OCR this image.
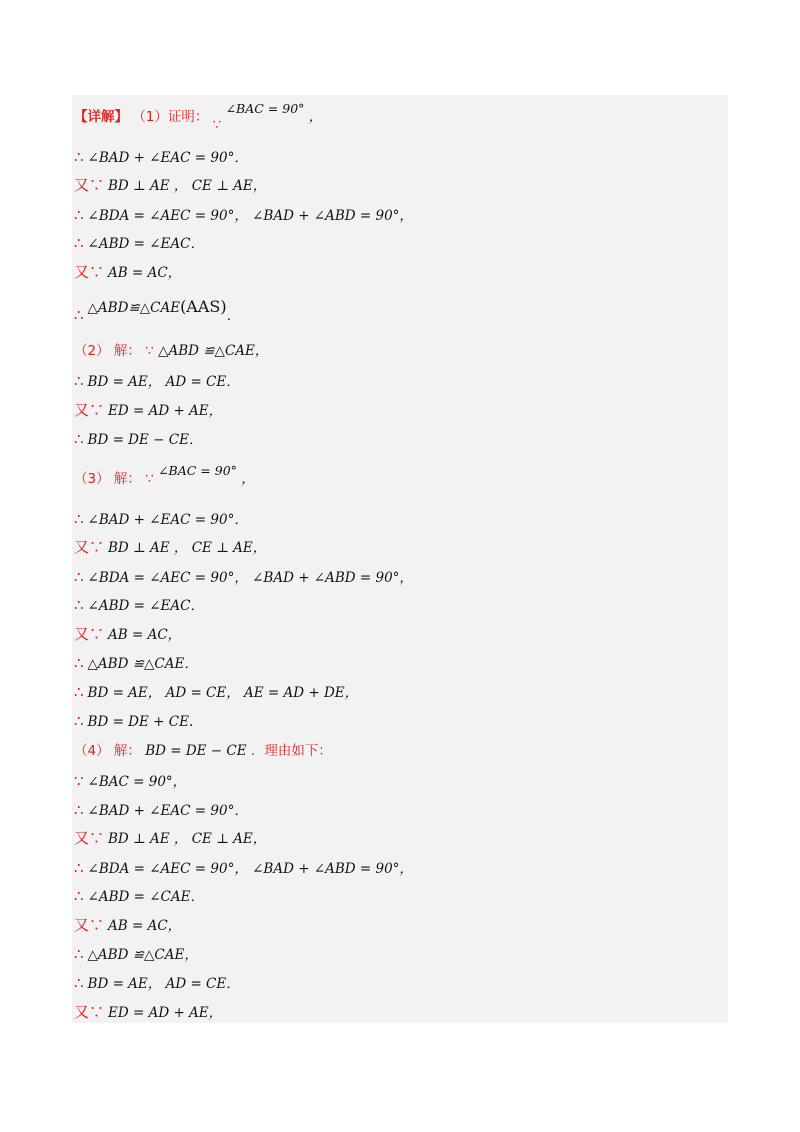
【详解】 （1）证明： ∵ ∠BAC = 90° ，
∴ ∠BAD + ∠EAC = 90°．
又∵ BD ⊥ AE ， CE ⊥ AE，
∴ ∠BDA = ∠AEC = 90°， ∠BAD + ∠ABD = 90°，
∴ ∠ABD = ∠EAC．
又∵ AB = AC，
∴ △ABD≌△CAE(AAS)．
（2） 解： ∵ △ABD ≌△CAE，
∴ BD = AE， AD = CE．
又∵ ED = AD + AE，
∴ BD = DE − CE．
（3） 解： ∵ ∠BAC = 90° ，
∴ ∠BAD + ∠EAC = 90°．
又∵ BD ⊥ AE ， CE ⊥ AE，
∴ ∠BDA = ∠AEC = 90°， ∠BAD + ∠ABD = 90°，
∴ ∠ABD = ∠EAC．
又∵ AB = AC，
∴ △ABD ≌△CAE．
∴ BD = AE， AD = CE， AE = AD + DE，
∴ BD = DE + CE.
（4） 解： BD = DE − CE ．理由如下：
∵ ∠BAC = 90°，
∴ ∠BAD + ∠EAC = 90°．
又∵ BD ⊥ AE ， CE ⊥ AE，
∴ ∠BDA = ∠AEC = 90°， ∠BAD + ∠ABD = 90°，
∴ ∠ABD = ∠CAE．
又∵ AB = AC，
∴ △ABD ≌△CAE，
∴ BD = AE， AD = CE．
又∵ ED = AD + AE，
